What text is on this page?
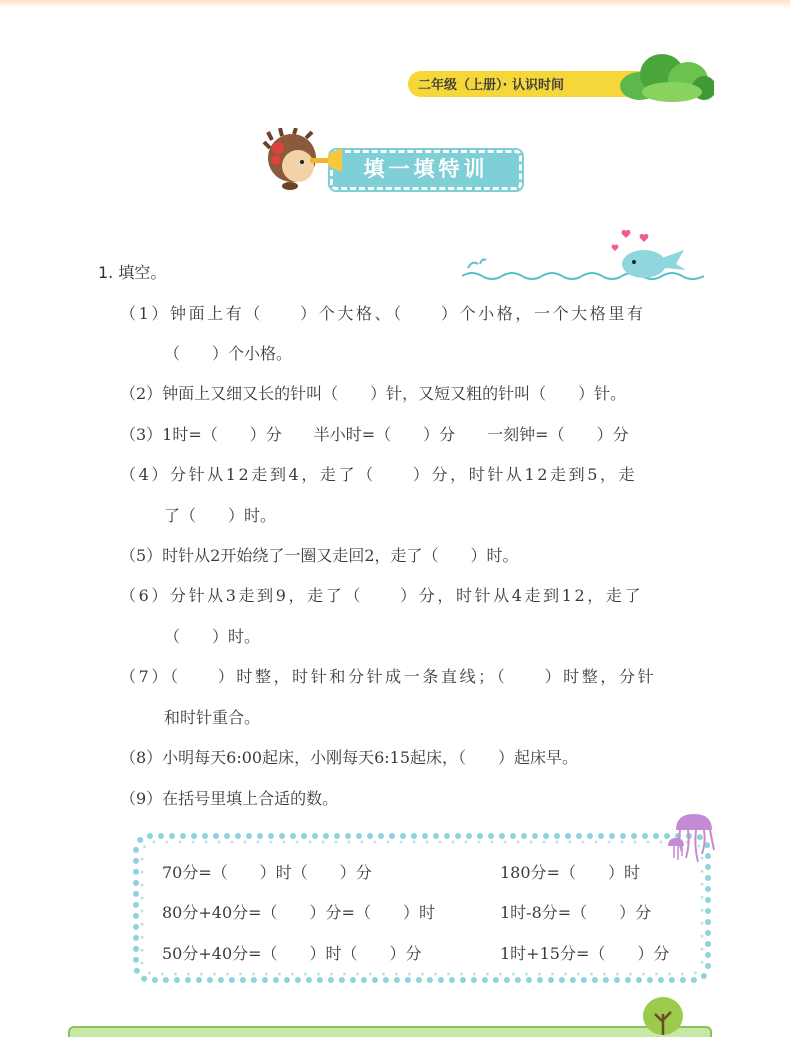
二年级（上册）· 认识时间
填一填特训
1. 填空。
（1）钟面上有（　　）个大格、（　　）个小格，一个大格里有
（　　）个小格。
（2）钟面上又细又长的针叫（　　）针，又短又粗的针叫（　　）针。
（3）1时=（　　）分　　半小时=（　　）分　　一刻钟=（　　）分
（4）分针从12走到4，走了（　　）分，时针从12走到5，走
了（　　）时。
（5）时针从2开始绕了一圈又走回2，走了（　　）时。
（6）分针从3走到9，走了（　　）分，时针从4走到12，走了
（　　）时。
（7）（　　）时整，时针和分针成一条直线；（　　）时整，分针
和时针重合。
（8）小明每天6:00起床，小刚每天6:15起床，（　　）起床早。
（9）在括号里填上合适的数。
70分=（　　）时（　　）分
80分+40分=（　　）分=（　　）时
50分+40分=（　　）时（　　）分
180分=（　　）时
1时-8分=（　　）分
1时+15分=（　　）分
